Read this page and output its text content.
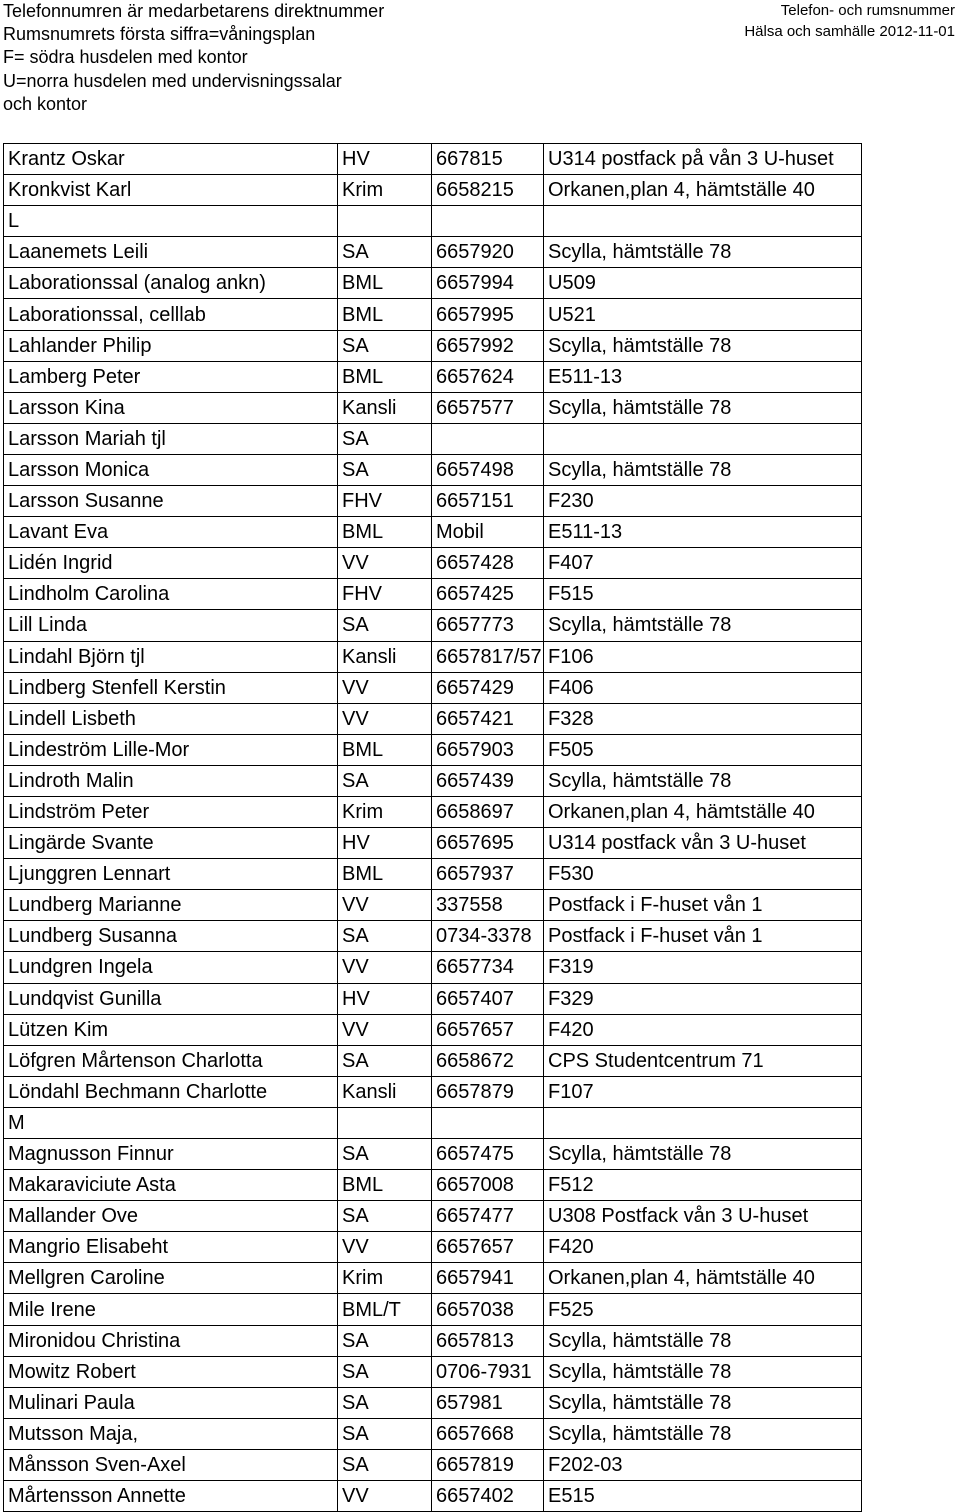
Telefonnumren är medarbetarens direktnummer
Rumsnumrets första siffra=våningsplan
F= södra husdelen med kontor
U=norra husdelen med undervisningssalar
och kontor
Telefon- och rumsnummer
Hälsa och samhälle 2012-11-01
Krantz Oskar	HV	667815	U314 postfack på vån 3 U-huset
Kronkvist Karl	Krim	6658215	Orkanen,plan 4, hämtställe 40
L			
Laanemets Leili	SA	6657920	Scylla, hämtställe 78
Laborationssal (analog ankn)	BML	6657994	U509
Laborationssal, celllab	BML	6657995	U521
Lahlander Philip	SA	6657992	Scylla, hämtställe 78
Lamberg Peter	BML	6657624	E511-13
Larsson Kina	Kansli	6657577	Scylla, hämtställe 78
Larsson Mariah tjl	SA		
Larsson Monica	SA	6657498	Scylla, hämtställe 78
Larsson Susanne	FHV	6657151	F230
Lavant Eva	BML	Mobil	E511-13
Lidén Ingrid	VV	6657428	F407
Lindholm Carolina	FHV	6657425	F515
Lill Linda	SA	6657773	Scylla, hämtställe 78
Lindahl Björn tjl	Kansli	6657817/57	F106
Lindberg Stenfell Kerstin	VV	6657429	F406
Lindell Lisbeth	VV	6657421	F328
Lindeström Lille-Mor	BML	6657903	F505
Lindroth Malin	SA	6657439	Scylla, hämtställe 78
Lindström Peter	Krim	6658697	Orkanen,plan 4, hämtställe 40
Lingärde Svante	HV	6657695	U314 postfack vån 3 U-huset
Ljunggren Lennart	BML	6657937	F530
Lundberg Marianne	VV	337558	Postfack i F-huset vån 1
Lundberg Susanna	SA	0734-3378	Postfack i F-huset vån 1
Lundgren Ingela	VV	6657734	F319
Lundqvist Gunilla	HV	6657407	F329
Lützen Kim	VV	6657657	F420
Löfgren Mårtenson Charlotta	SA	6658672	CPS Studentcentrum 71
Löndahl Bechmann Charlotte	Kansli	6657879	F107
M			
Magnusson Finnur	SA	6657475	Scylla, hämtställe 78
Makaraviciute Asta	BML	6657008	F512
Mallander Ove	SA	6657477	U308 Postfack vån 3 U-huset
Mangrio Elisabeht	VV	6657657	F420
Mellgren Caroline	Krim	6657941	Orkanen,plan 4, hämtställe 40
Mile Irene	BML/T	6657038	F525
Mironidou Christina	SA	6657813	Scylla, hämtställe 78
Mowitz Robert	SA	0706-7931	Scylla, hämtställe 78
Mulinari Paula	SA	657981	Scylla, hämtställe 78
Mutsson Maja,	SA	6657668	Scylla, hämtställe 78
Månsson Sven-Axel	SA	6657819	F202-03
Mårtensson Annette	VV	6657402	E515
